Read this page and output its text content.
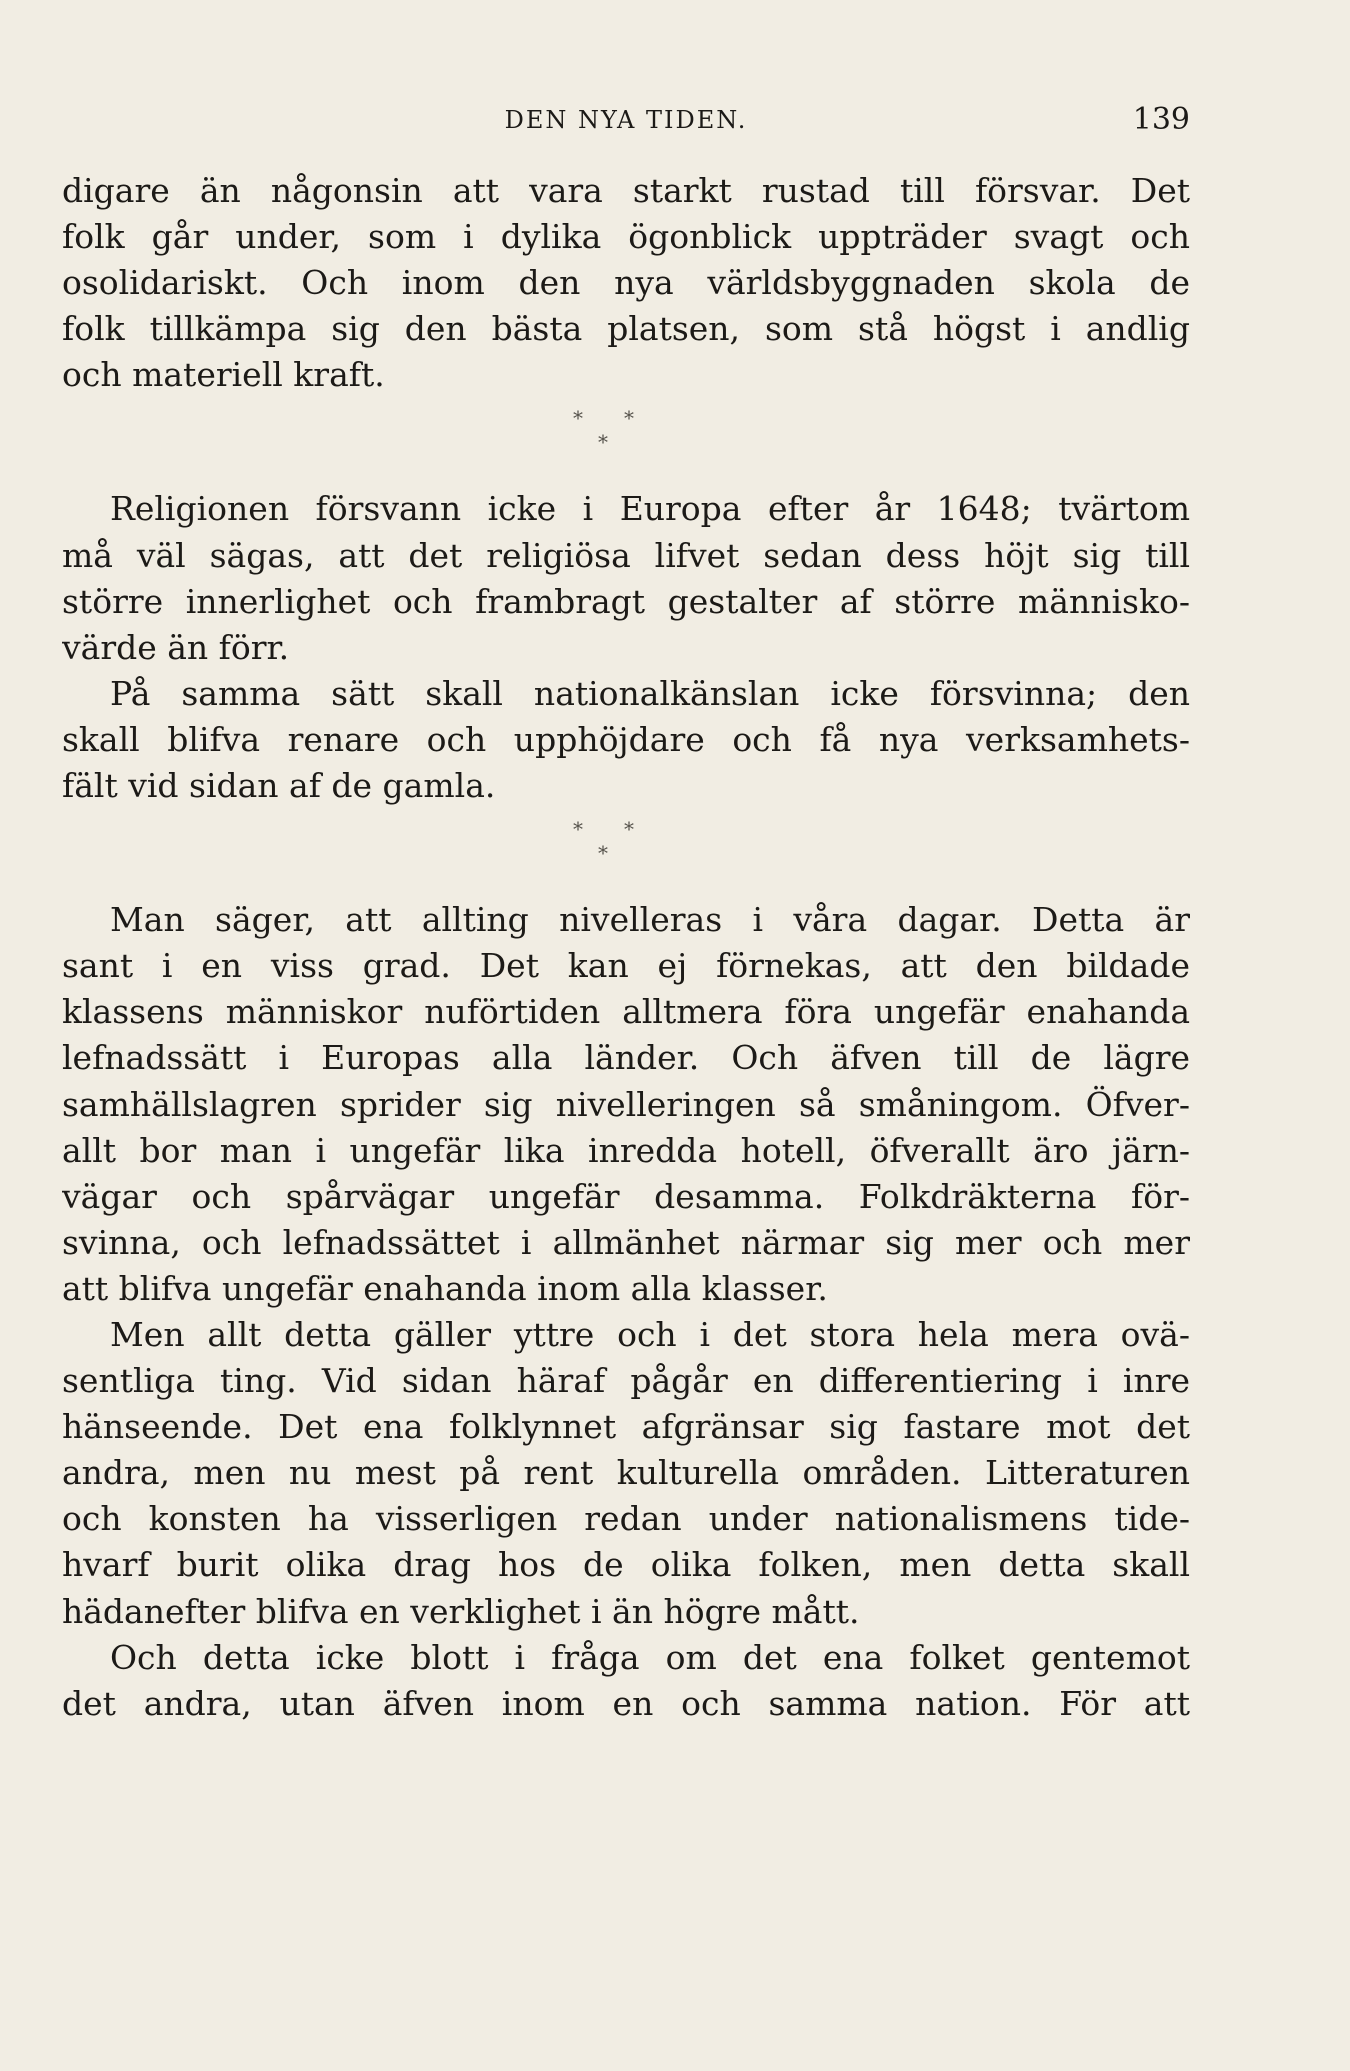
DEN NYA TIDEN.	139
digare än någonsin att vara starkt rustad till försvar. Det
folk går under, som i dylika ögonblick uppträder svagt och
osolidariskt. Och inom den nya världsbyggnaden skola de
folk tillkämpa sig den bästa platsen, som stå högst i andlig
och materiell kraft.
* *
*
Religionen försvann icke i Europa efter år 1648; tvärtom
må väl sägas, att det religiösa lifvet sedan dess höjt sig till
större innerlighet och frambragt gestalter af större människo-
värde än förr.
På samma sätt skall nationalkänslan icke försvinna; den
skall blifva renare och upphöjdare och få nya verksamhets-
fält vid sidan af de gamla.
* *
*
Man säger, att allting nivelleras i våra dagar. Detta är
sant i en viss grad. Det kan ej förnekas, att den bildade
klassens människor nuförtiden alltmera föra ungefär enahanda
lefnadssätt i Europas alla länder. Och äfven till de lägre
samhällslagren sprider sig nivelleringen så småningom. Öfver-
allt bor man i ungefär lika inredda hotell, öfverallt äro järn-
vägar och spårvägar ungefär desamma. Folkdräkterna för-
svinna, och lefnadssättet i allmänhet närmar sig mer och mer
att blifva ungefär enahanda inom alla klasser.
Men allt detta gäller yttre och i det stora hela mera ovä-
sentliga ting. Vid sidan häraf pågår en differentiering i inre
hänseende. Det ena folklynnet afgränsar sig fastare mot det
andra, men nu mest på rent kulturella områden. Litteraturen
och konsten ha visserligen redan under nationalismens tide-
hvarf burit olika drag hos de olika folken, men detta skall
hädanefter blifva en verklighet i än högre mått.
Och detta icke blott i fråga om det ena folket gentemot
det andra, utan äfven inom en och samma nation. För att
